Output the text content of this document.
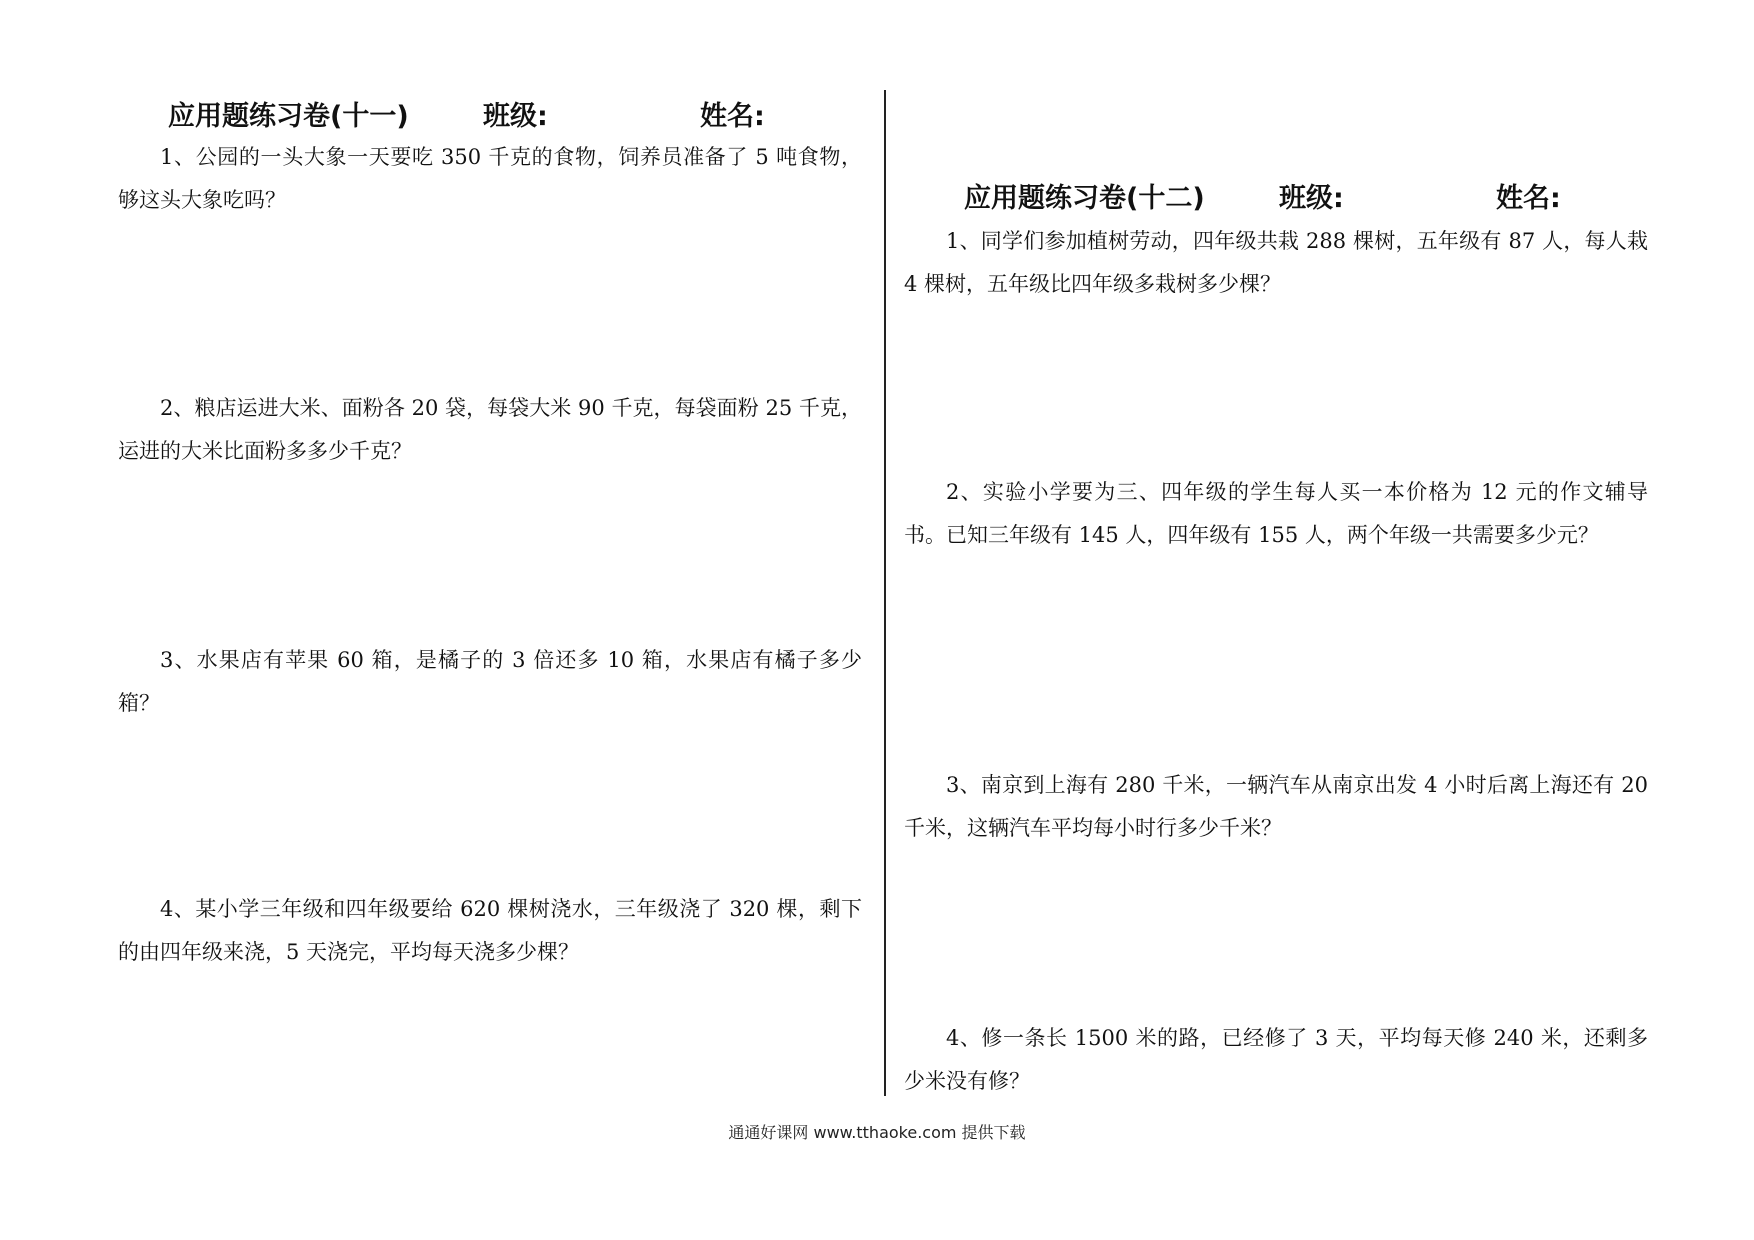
应用题练习卷(十一)	班级:	姓名:

1、公园的一头大象一天要吃 350 千克的食物，饲养员准备了 5 吨食物，够这头大象吃吗？

2、粮店运进大米、面粉各 20 袋，每袋大米 90 千克，每袋面粉 25 千克，运进的大米比面粉多多少千克？

3、水果店有苹果 60 箱，是橘子的 3 倍还多 10 箱，水果店有橘子多少箱？

4、某小学三年级和四年级要给 620 棵树浇水，三年级浇了 320 棵，剩下的由四年级来浇，5 天浇完，平均每天浇多少棵？

应用题练习卷(十二)	班级:	姓名:

1、同学们参加植树劳动，四年级共栽 288 棵树，五年级有 87 人，每人栽 4 棵树，五年级比四年级多栽树多少棵？

2、实验小学要为三、四年级的学生每人买一本价格为 12 元的作文辅导书。已知三年级有 145 人，四年级有 155 人，两个年级一共需要多少元？

3、南京到上海有 280 千米，一辆汽车从南京出发 4 小时后离上海还有 20 千米，这辆汽车平均每小时行多少千米？

4、修一条长 1500 米的路，已经修了 3 天，平均每天修 240 米，还剩多少米没有修？

通通好课网 www.tthaoke.com 提供下载
